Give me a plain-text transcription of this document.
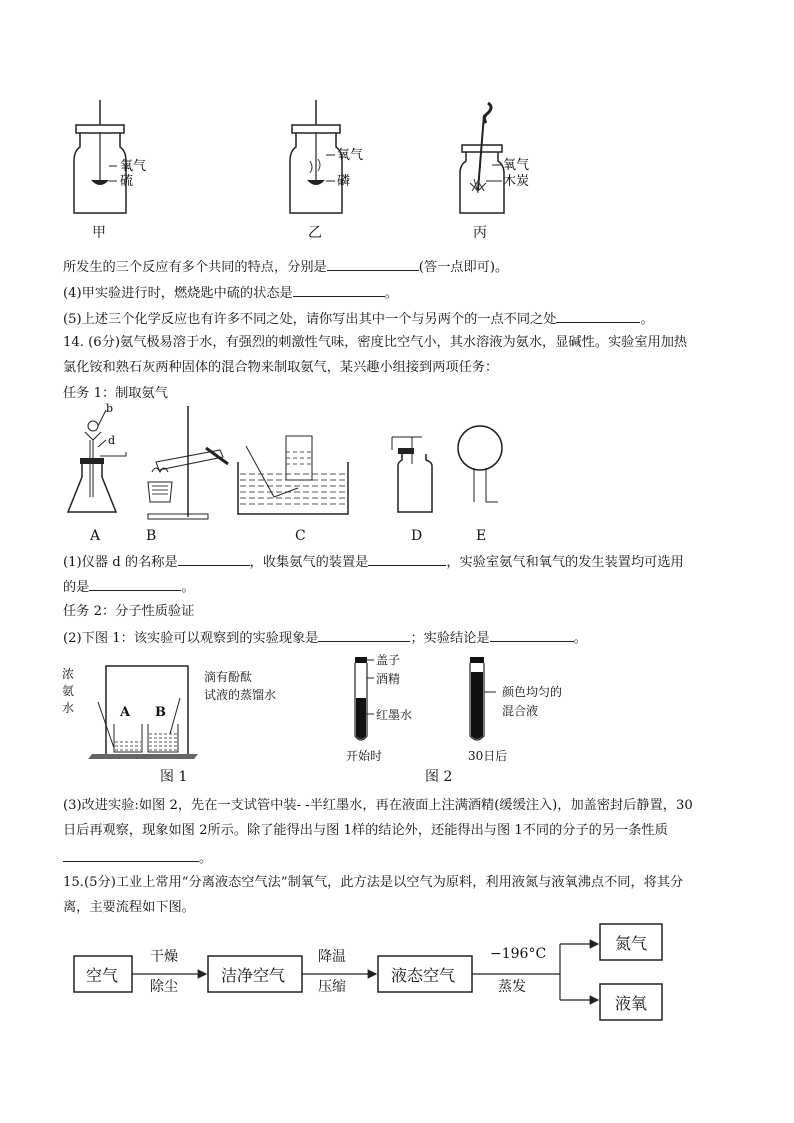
氧气
硫
氧气
磷
氧气
木炭
甲	乙	丙
所发生的三个反应有多个共同的特点，分别是	(答一点即可)。
(4)甲实验进行时，燃烧匙中硫的状态是	。
(5)上述三个化学反应也有许多不同之处，请你写出其中一个与另两个的一点不同之处	。
14. (6分)氨气极易溶于水，有强烈的刺激性气味，密度比空气小，其水溶液为氨水，显碱性。实验室用加热
氯化铵和熟石灰两种固体的混合物来制取氨气，某兴趣小组接到两项任务：
任务 1：制取氨气
b
d
A	B	C	D	E
(1)仪器 d 的名称是	，收集氨气的装置是	，实验室氨气和氧气的发生装置均可选用
的是	。
任务 2：分子性质验证
(2)下图 1：该实验可以观察到的实验现象是	；实验结论是	。
浓
氨
水
滴有酚酞
试液的蒸馏水
A B
图 1
盖子
酒精
红墨水
开始时	30日后
颜色均匀的
混合液
图 2
(3)改进实验:如图 2，先在一支试管中装- -半红墨水，再在液面上注满酒精(缓缓注入)，加盖密封后静置，30
日后再观察，现象如图 2所示。除了能得出与图 1样的结论外，还能得出与图 1不同的分子的另一条性质
。
15.(5分)工业上常用“分离液态空气法”制氧气，此方法是以空气为原料，利用液氮与液氧沸点不同，将其分
离，主要流程如下图。
空气
干燥
除尘
洁净空气
降温
压缩
液态空气
−196°C
蒸发
氮气
液氧
